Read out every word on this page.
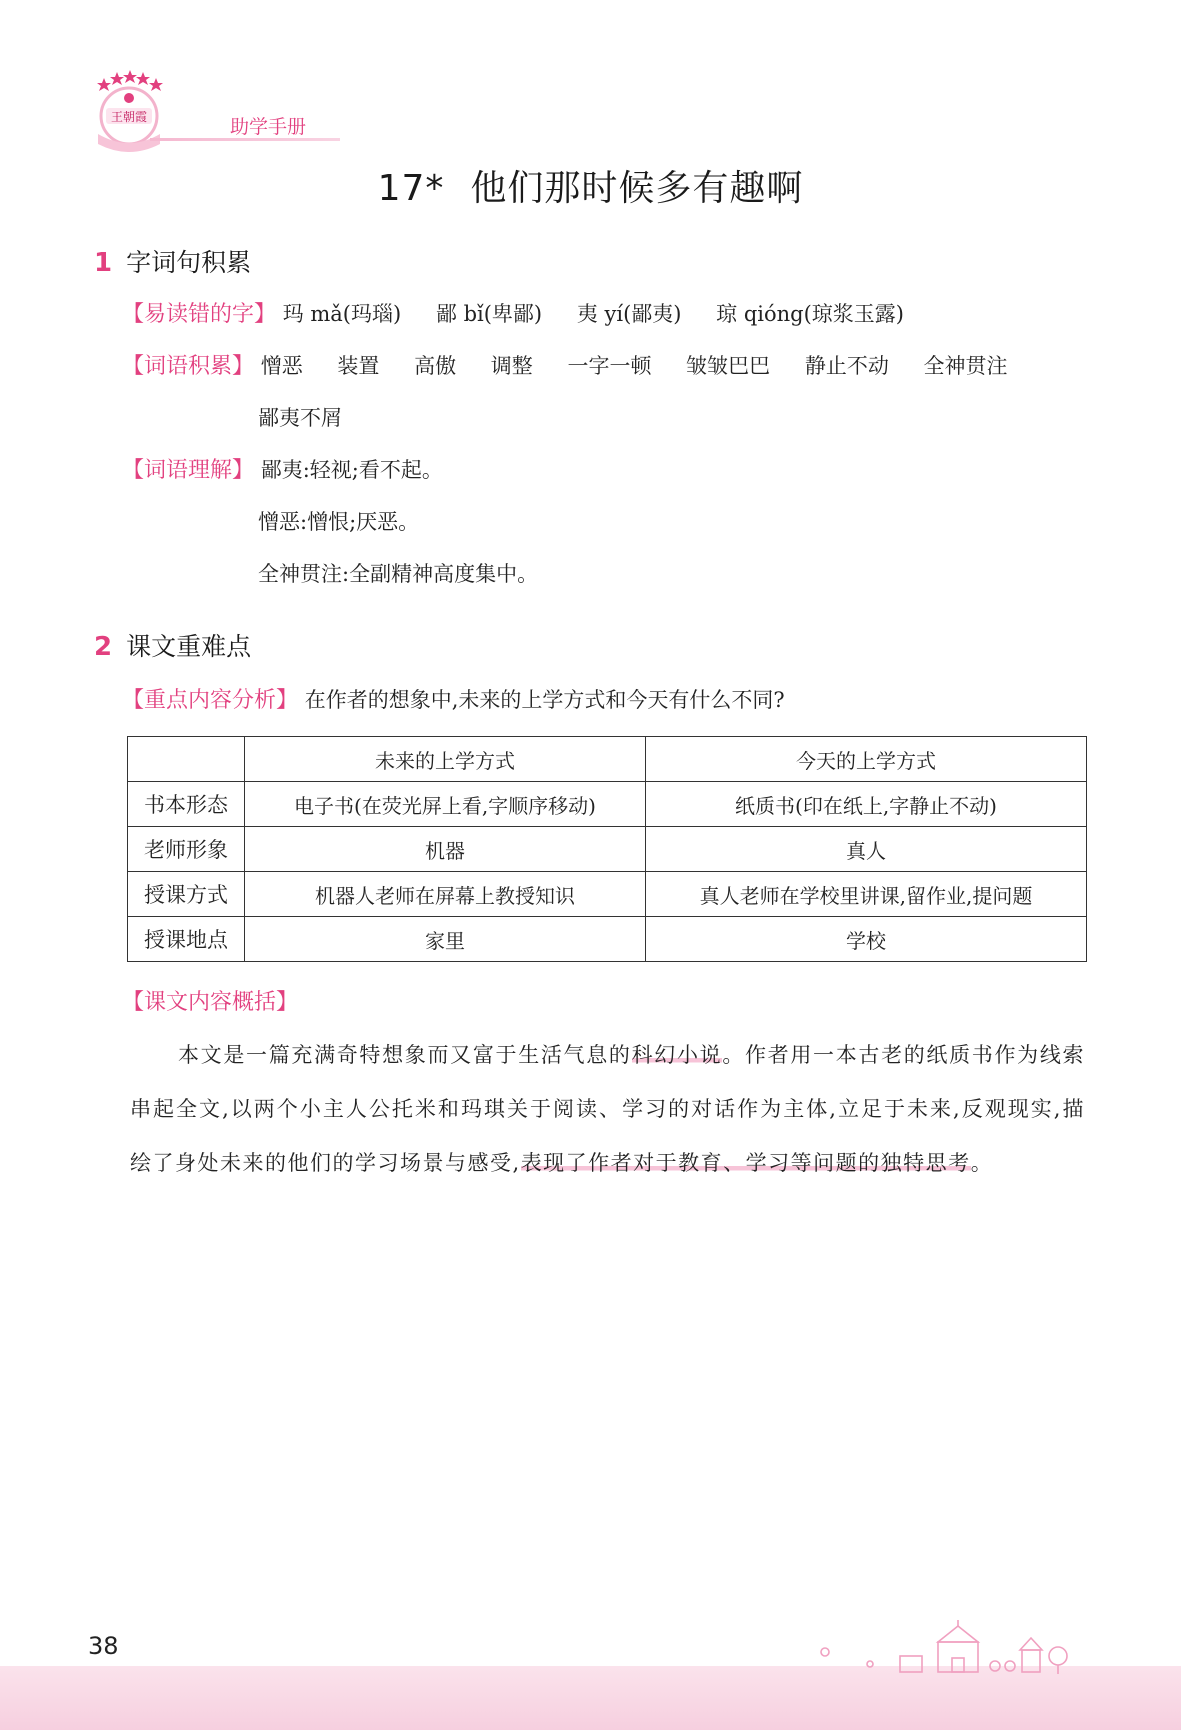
王朝霞	助学手册
17* 他们那时候多有趣啊
1 字词句积累
【易读错的字】 玛 mǎ(玛瑙) 鄙 bǐ(卑鄙) 夷 yí(鄙夷) 琼 qióng(琼浆玉露)
【词语积累】 憎恶 装置 高傲 调整 一字一顿 皱皱巴巴 静止不动 全神贯注
鄙夷不屑
【词语理解】 鄙夷:轻视;看不起。
憎恶:憎恨;厌恶。
全神贯注:全副精神高度集中。
2 课文重难点
【重点内容分析】 在作者的想象中,未来的上学方式和今天有什么不同?
	未来的上学方式	今天的上学方式
书本形态	电子书(在荧光屏上看,字顺序移动)	纸质书(印在纸上,字静止不动)
老师形象	机器	真人
授课方式	机器人老师在屏幕上教授知识	真人老师在学校里讲课,留作业,提问题
授课地点	家里	学校
【课文内容概括】

本文是一篇充满奇特想象而又富于生活气息的科幻小说。作者用一本古老的纸质书作为线索串起全文,以两个小主人公托米和玛琪关于阅读、学习的对话作为主体,立足于未来,反观现实,描绘了身处未来的他们的学习场景与感受,表现了作者对于教育、学习等问题的独特思考。

38
